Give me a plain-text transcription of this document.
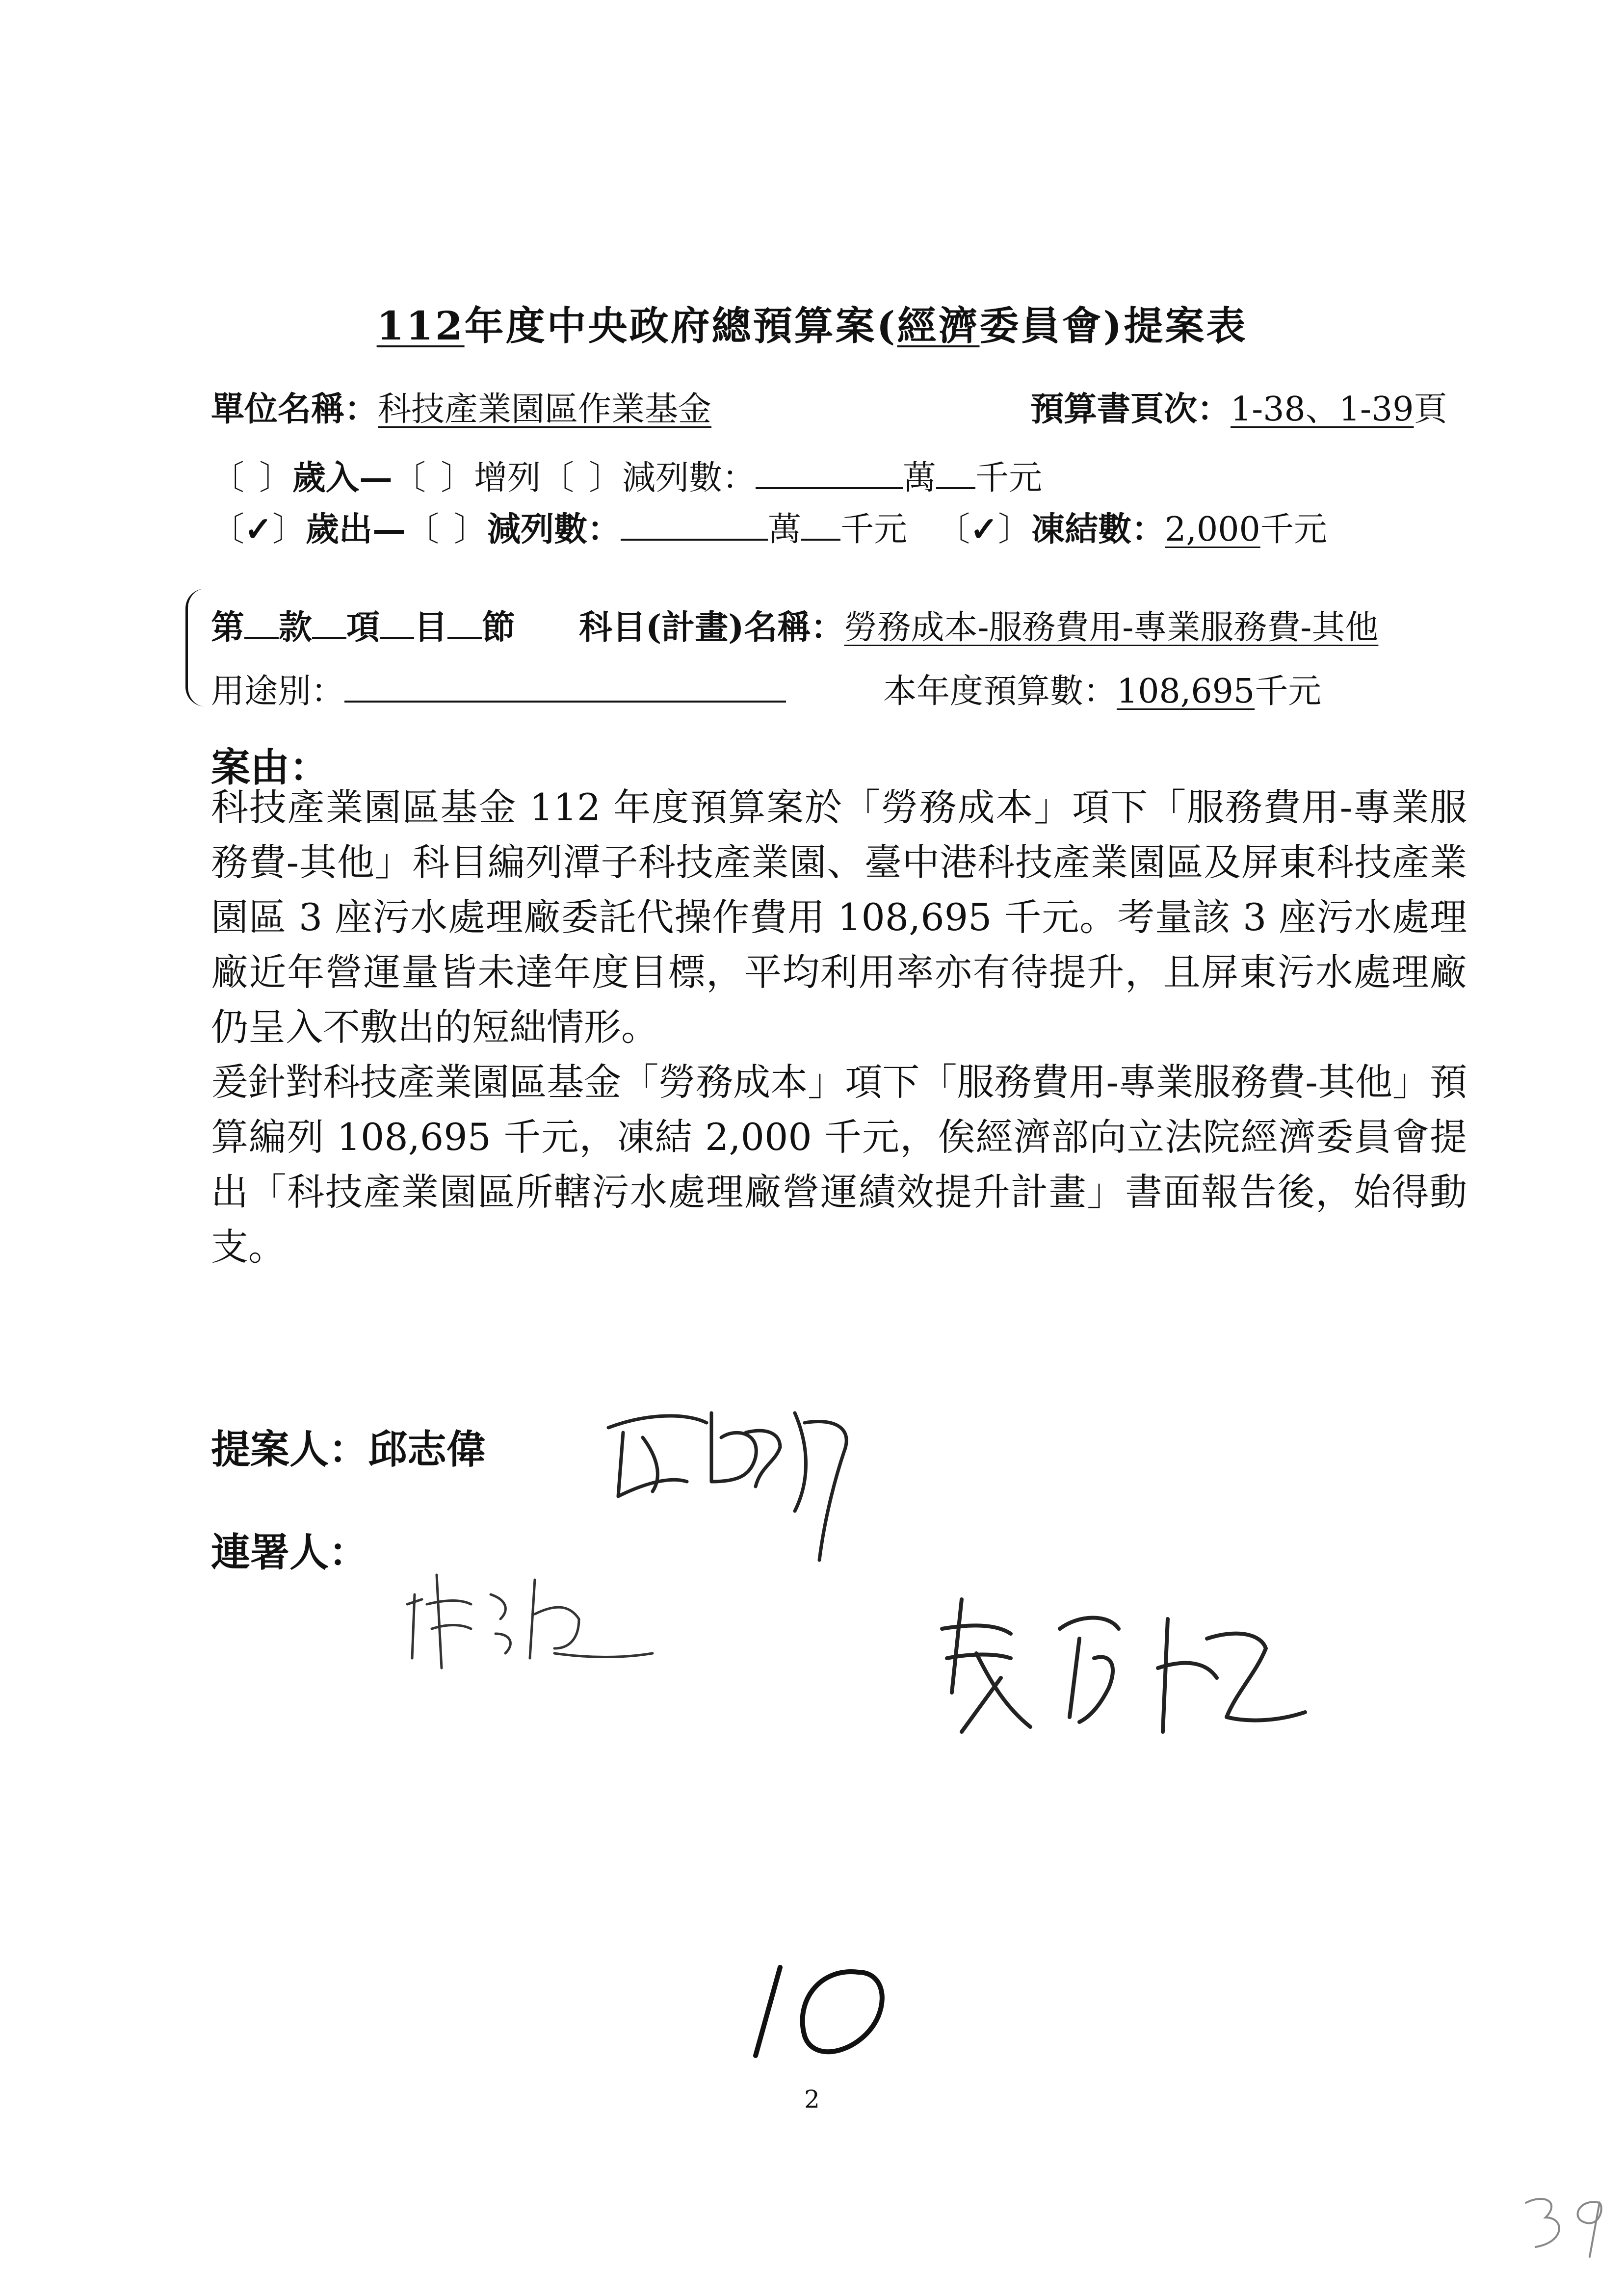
112年度中央政府總預算案(經濟委員會)提案表
單位名稱：科技產業園區作業基金	預算書頁次：1-38、1-39頁
〔 〕歲入—〔 〕增列〔 〕減列數：	萬 千元
〔✓〕歲出—〔 〕減列數：	萬 千元 〔✓〕凍結數：2,000千元
第 款 項 目 節 科目(計畫)名稱：勞務成本-服務費用-專業服務費-其他
用途別：	本年度預算數：108,695千元
案由：

科技產業園區基金 112 年度預算案於「勞務成本」項下「服務費用-專業服務費-其他」科目編列潭子科技產業園、臺中港科技產業園區及屏東科技產業園區 3 座污水處理廠委託代操作費用 108,695 千元。考量該 3 座污水處理廠近年營運量皆未達年度目標，平均利用率亦有待提升，且屏東污水處理廠仍呈入不敷出的短絀情形。

爰針對科技產業園區基金「勞務成本」項下「服務費用-專業服務費-其他」預算編列 108,695 千元，凍結 2,000 千元，俟經濟部向立法院經濟委員會提出「科技產業園區所轄污水處理廠營運績效提升計畫」書面報告後，始得動支。

提案人：邱志偉
連署人：
2
